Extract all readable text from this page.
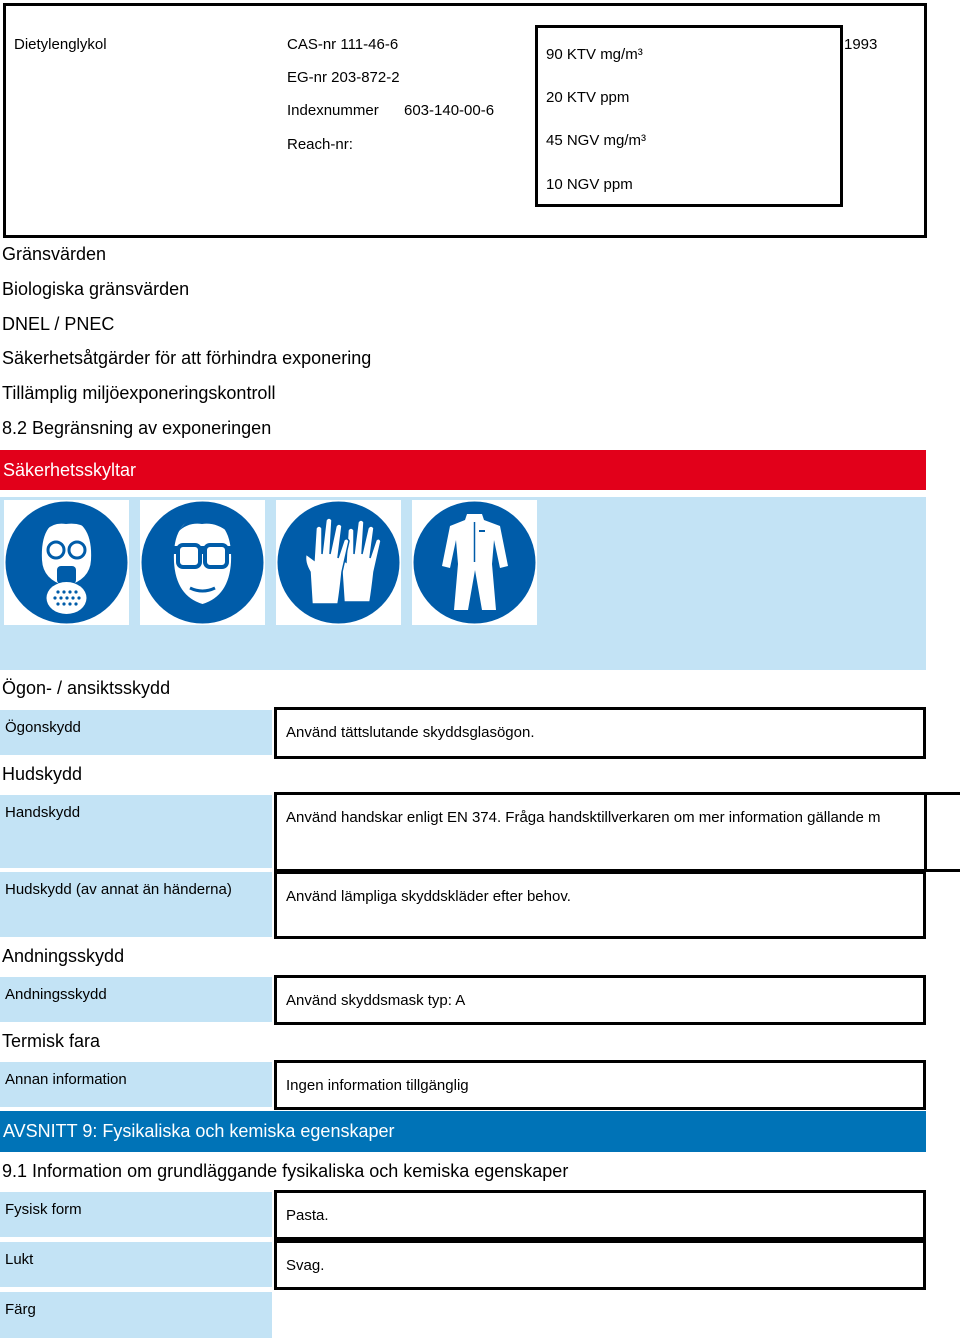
Dietylenglykol	CAS-nr 111-46-6
EG-nr 203-872-2
Indexnummer 603-140-00-6
Reach-nr:
90 KTV mg/m³
20 KTV ppm
45 NGV mg/m³
10 NGV ppm
1993
Gränsvärden
Biologiska gränsvärden
DNEL / PNEC
Säkerhetsåtgärder för att förhindra exponering
Tillämplig miljöexponeringskontroll
8.2 Begränsning av exponeringen
Säkerhetsskyltar
Ögon- / ansiktsskydd
Ögonskydd	Använd tättslutande skyddsglasögon.
Hudskydd
Handskydd	Använd handskar enligt EN 374. Fråga handsktillverkaren om mer information gällande m
Hudskydd (av annat än händerna)	Använd lämpliga skyddskläder efter behov.
Andningsskydd
Andningsskydd	Använd skyddsmask typ: A
Termisk fara
Annan information	Ingen information tillgänglig
AVSNITT 9: Fysikaliska och kemiska egenskaper
9.1 Information om grundläggande fysikaliska och kemiska egenskaper
Fysisk form	Pasta.
Lukt	Svag.
Färg
